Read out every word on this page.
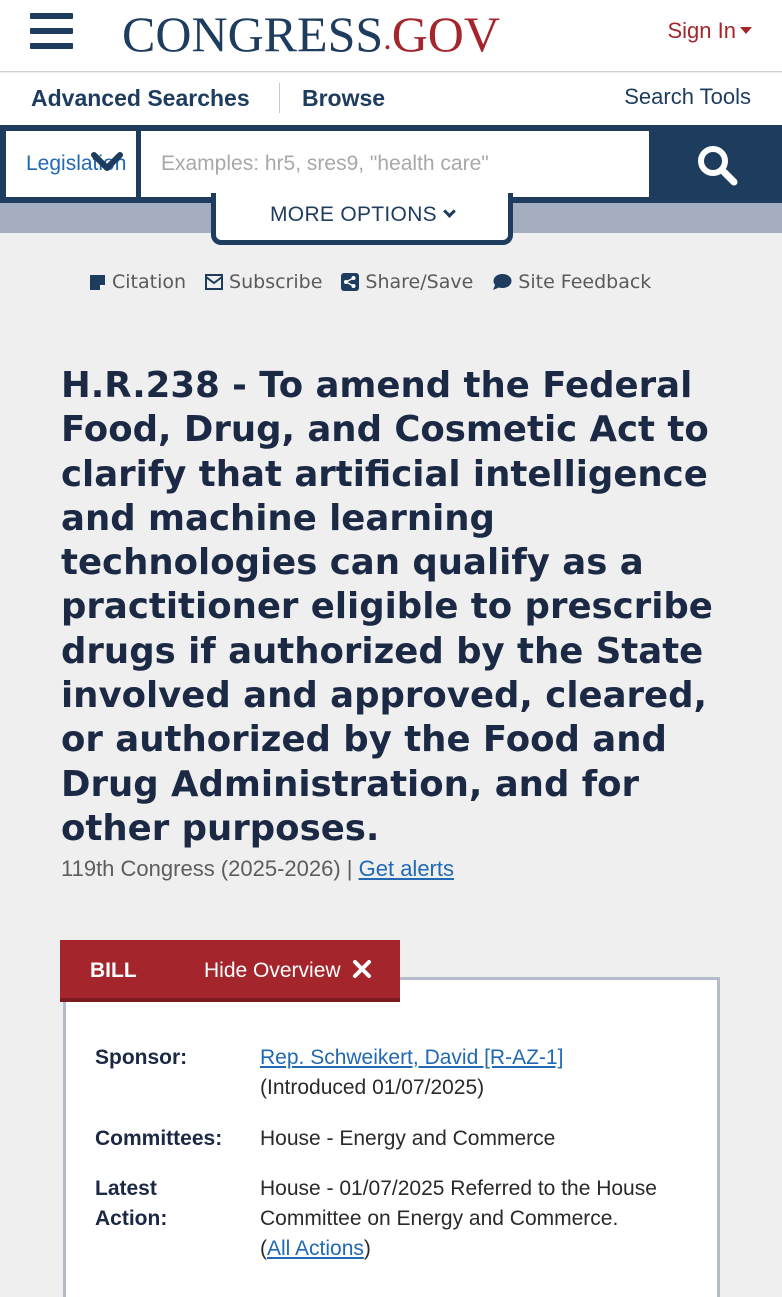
CONGRESS.GOV	Sign In
Advanced Searches Browse	Search Tools
Legislation
Examples: hr5, sres9, "health care"
MORE OPTIONS
Citation Subscribe Share/Save Site Feedback
H.R.238 - To amend the Federal Food, Drug, and Cosmetic Act to clarify that artificial intelligence and machine learning technologies can qualify as a practitioner eligible to prescribe drugs if authorized by the State involved and approved, cleared, or authorized by the Food and Drug Administration, and for other purposes.
119th Congress (2025-2026) | Get alerts
BILL	Hide Overview
Sponsor:	Rep. Schweikert, David [R-AZ-1]
(Introduced 01/07/2025)
Committees: House - Energy and Commerce
Latest
Action:
House - 01/07/2025 Referred to the House Committee on Energy and Commerce.  (All Actions)
